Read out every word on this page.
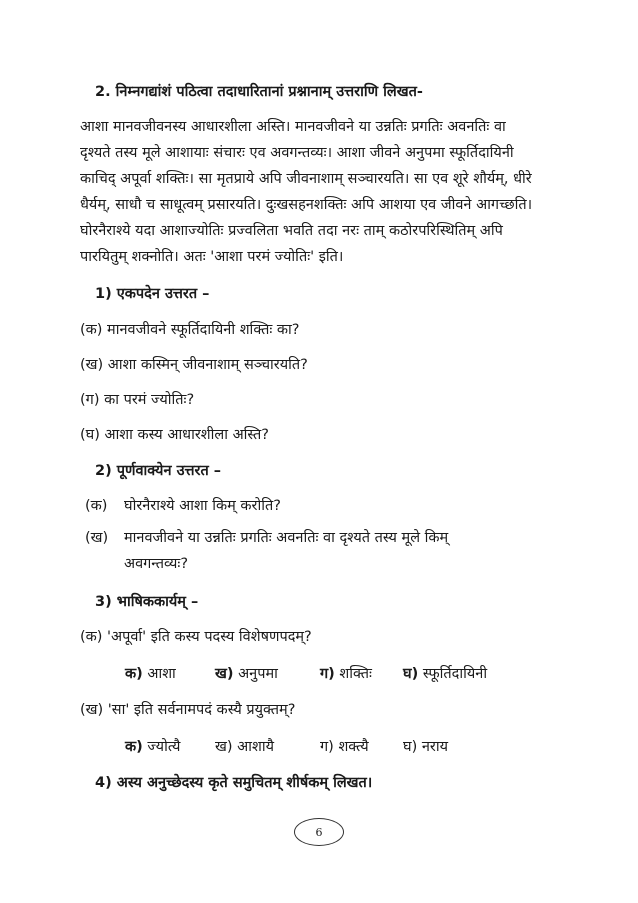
2. निम्नगद्यांशं पठित्वा तदाधारितानां प्रश्नानाम् उत्तराणि लिखत-
आशा मानवजीवनस्य आधारशीला अस्ति। मानवजीवने या उन्नतिः प्रगतिः अवनतिः वा
दृश्यते तस्य मूले आशायाः संचारः एव अवगन्तव्यः। आशा जीवने अनुपमा स्फूर्तिदायिनी
काचिद् अपूर्वा शक्तिः। सा मृतप्राये अपि जीवनाशाम् सञ्चारयति। सा एव शूरे शौर्यम्, धीरे
धैर्यम्, साधौ च साधूत्वम् प्रसारयति। दुःखसहनशक्तिः अपि आशया एव जीवने आगच्छति।
घोरनैराश्ये यदा आशाज्योतिः प्रज्वलिता भवति तदा नरः ताम् कठोरपरिस्थितिम् अपि
पारयितुम् शक्नोति। अतः 'आशा परमं ज्योतिः' इति।
1) एकपदेन उत्तरत –
(क) मानवजीवने स्फूर्तिदायिनी शक्तिः का?
(ख) आशा कस्मिन् जीवनाशाम् सञ्चारयति?
(ग) का परमं ज्योतिः?
(घ) आशा कस्य आधारशीला अस्ति?
2) पूर्णवाक्येन उत्तरत –
(क) घोरनैराश्ये आशा किम् करोति?
(ख) मानवजीवने या उन्नतिः प्रगतिः अवनतिः वा दृश्यते तस्य मूले किम्
अवगन्तव्यः?
3) भाषिककार्यम् –
(क) 'अपूर्वा' इति कस्य पदस्य विशेषणपदम्?
क) आशा	ख) अनुपमा	ग) शक्तिः घ) स्फूर्तिदायिनी
(ख) 'सा' इति सर्वनामपदं कस्यै प्रयुक्तम्?
क) ज्योत्यै ख) आशायै	ग) शक्त्यै घ) नराय
4) अस्य अनुच्छेदस्य कृते समुचितम् शीर्षकम् लिखत।
6
